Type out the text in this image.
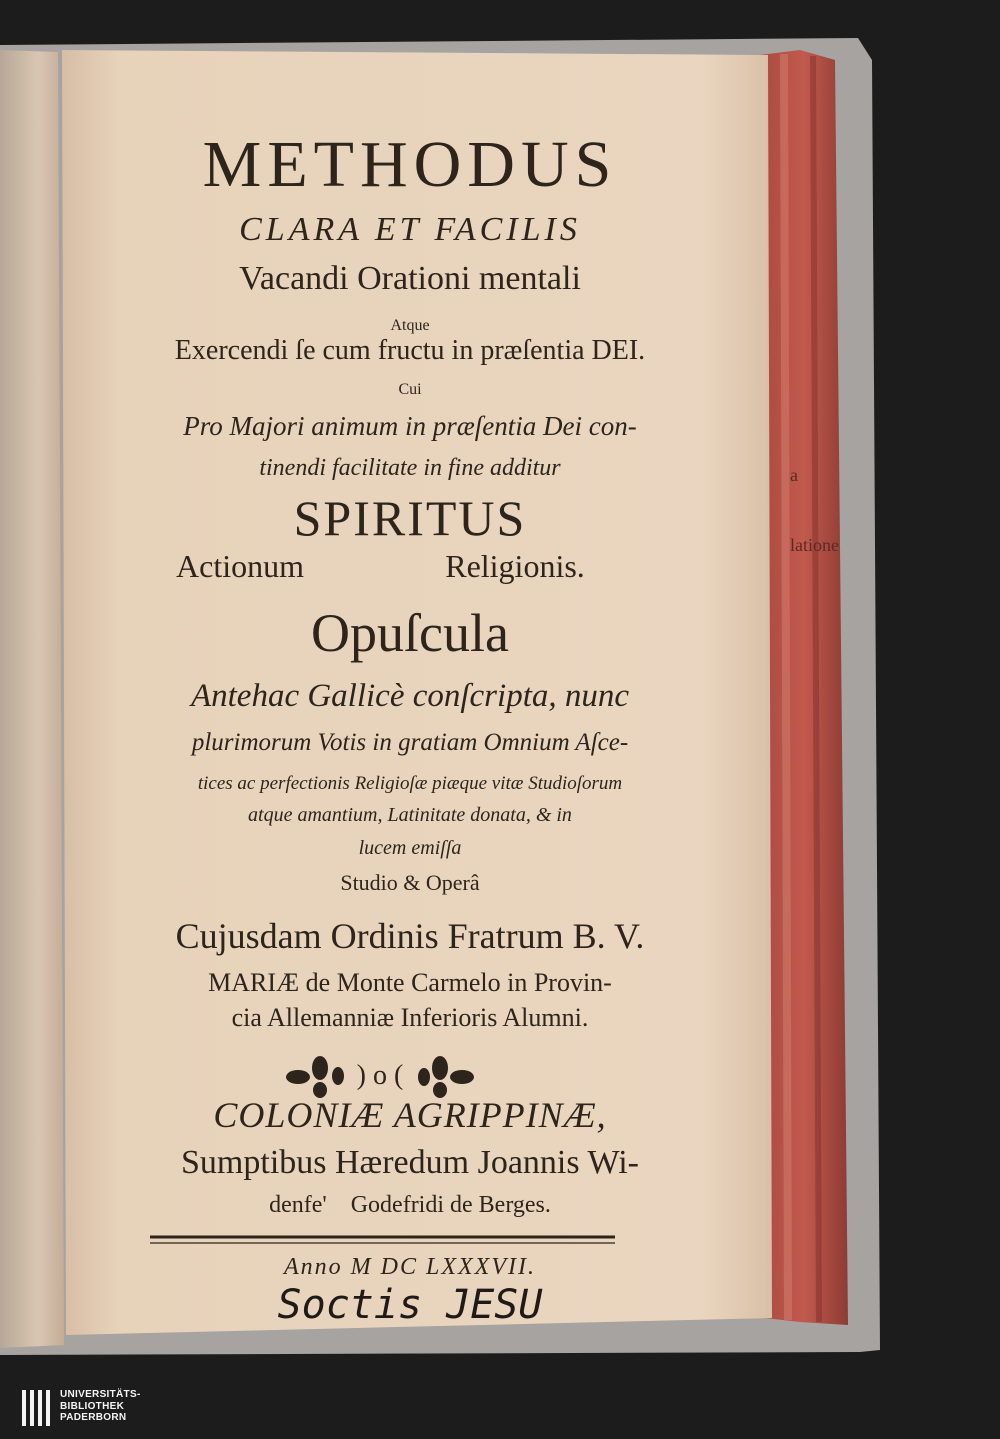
METHODUS
CLARA ET FACILIS
Vacandi Orationi mentali
Atque
Exercendi ſe cum fructu in præſentia DEI.
Cui
Pro Majori animum in præſentia Dei con-
tinendi facilitate in fine additur
SPIRITUS
Actionum	Religionis.
Opuſcula
Antehac Gallicè conſcripta, nunc
plurimorum Votis in gratiam Omnium Aſce-
tices ac perfectionis Religioſæ piæque vitæ Studioſorum
atque amantium, Latinitate donata, & in
lucem emiſſa
Studio & Operâ
Cujusdam Ordinis Fratrum B. V.
MARIÆ de Monte Carmelo in Provin-
cia Allemanniæ Inferioris Alumni.
) o (
COLONIÆ AGRIPPINÆ,
Sumptibus Hæredum Joannis Wi-
denfe'    Godefridi de Berges.
Anno M DC LXXXVII.
Soctis JESU
a
latione
UNIVERSITÄTS-
BIBLIOTHEK
PADERBORN
